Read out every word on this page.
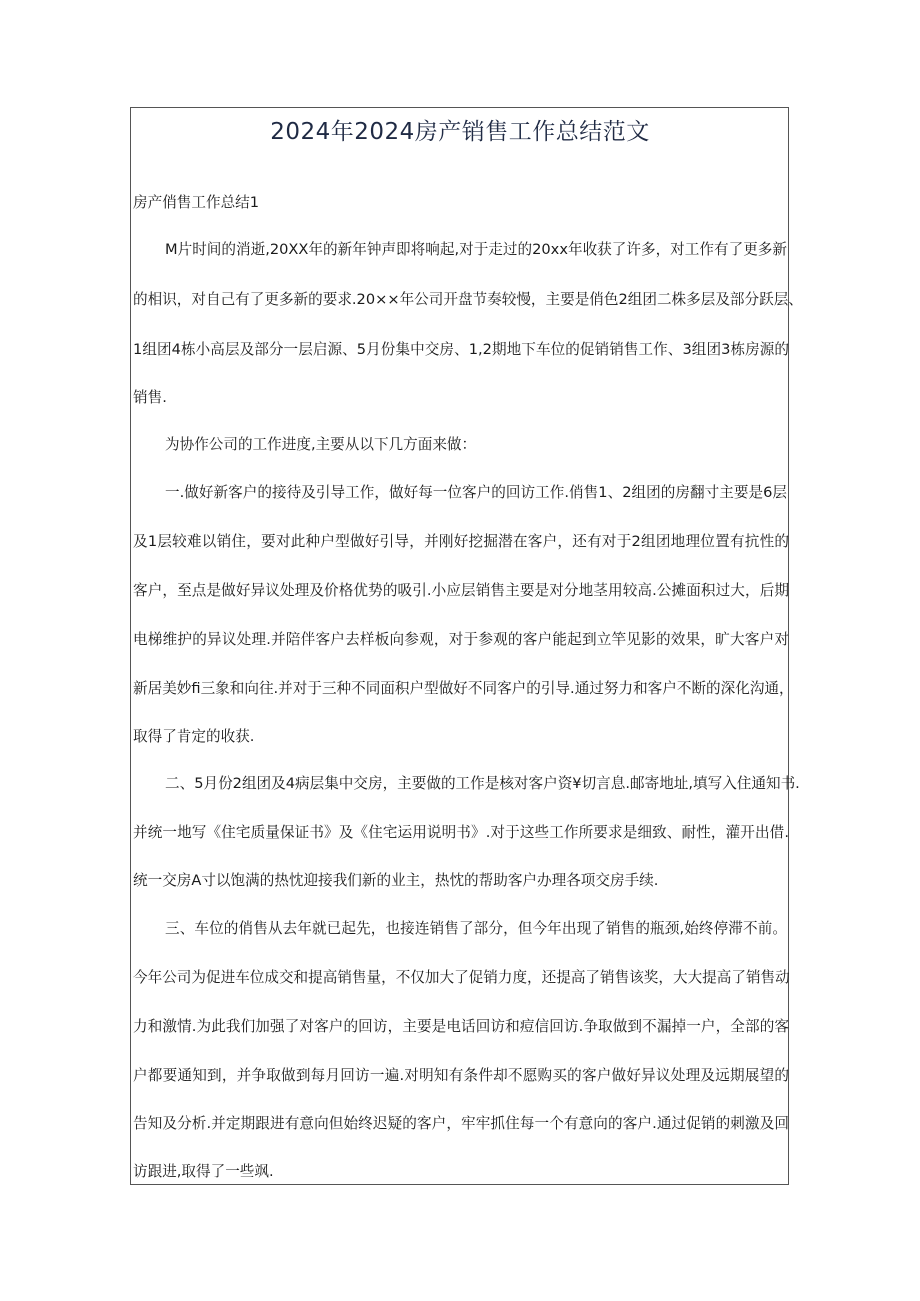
2024年2024房产销售工作总结范文

房产俏售工作总结1

M片时间的消逝,20XX年的新年钟声即将响起,对于走过的20xx年收获了许多，对工作有了更多新

的相识，对自己有了更多新的要求.20××年公司开盘节奏较慢，主要是俏色2组团二株多层及部分跃层、

1组团4栋小高层及部分一层启源、5月份集中交房、1,2期地下车位的促销销售工作、3组团3栋房源的

销售.

为协作公司的工作进度,主要从以下几方面来做：

一.做好新客户的接待及引导工作，做好每一位客户的回访工作.俏售1、2组团的房翻寸主要是6层

及1层较难以销住，要对此种户型做好引导，并刚好挖掘潜在客户，还有对于2组团地理位置有抗性的

客户，至点是做好异议处理及价格优势的吸引.小应层销售主要是对分地茎用较高.公摊面积过大，后期

电梯维护的异议处理.并陪伴客户去样板向参观，对于参观的客户能起到立竿见影的效果，旷大客户对

新居美妙fi三象和向往.并对于三种不同面积户型做好不同客户的引导.通过努力和客户不断的深化沟通，

取得了肯定的收获.

二、5月份2组团及4病层集中交房，主要做的工作是核对客户资¥切言息.邮寄地址,填写入住通知书.

并统一地写《住宅质量保证书》及《住宅运用说明书》.对于这些工作所要求是细致、耐性，灌开出借.

统一交房A寸以饱满的热忱迎接我们新的业主，热忱的帮助客户办理各项交房手续.

三、车位的俏售从去年就已起先，也接连销售了部分，但今年出现了销售的瓶颈,始终停滞不前。

今年公司为促进车位成交和提高销售量，不仅加大了促销力度，还提高了销售该奖，大大提高了销售动

力和激情.为此我们加强了对客户的回访，主要是电话回访和痘信回访.争取做到不漏掉一户，全部的客

户都要通知到，并争取做到每月回访一遍.对明知有条件却不愿购买的客户做好异议处理及远期展望的

告知及分析.并定期跟进有意向但始终迟疑的客户，牢牢抓住每一个有意向的客户.通过促销的刺激及回

访跟进,取得了一些飒.
